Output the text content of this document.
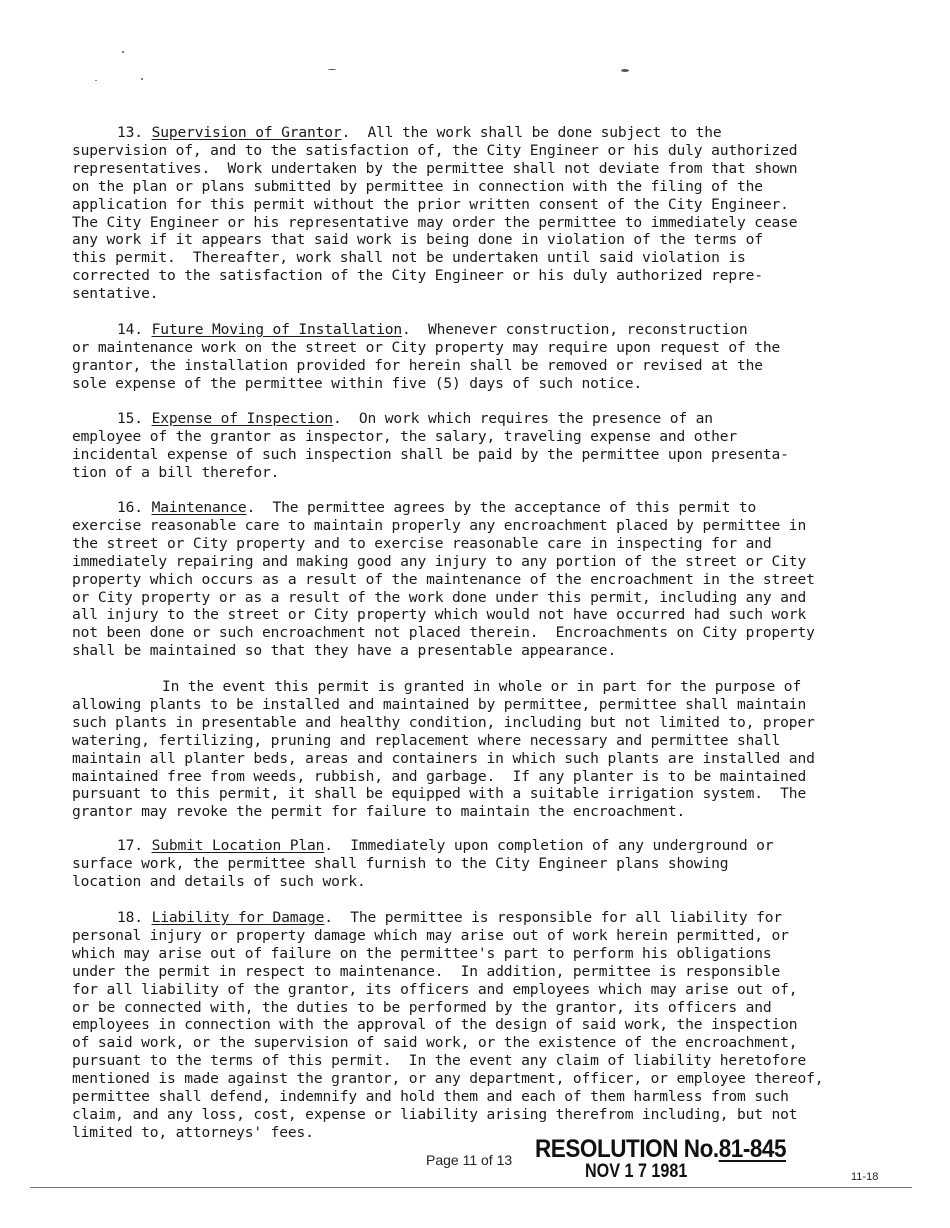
13. Supervision of Grantor.  All the work shall be done subject to the
supervision of, and to the satisfaction of, the City Engineer or his duly authorized
representatives.  Work undertaken by the permittee shall not deviate from that shown
on the plan or plans submitted by permittee in connection with the filing of the
application for this permit without the prior written consent of the City Engineer.
The City Engineer or his representative may order the permittee to immediately cease
any work if it appears that said work is being done in violation of the terms of
this permit.  Thereafter, work shall not be undertaken until said violation is
corrected to the satisfaction of the City Engineer or his duly authorized repre-
sentative.
14. Future Moving of Installation.  Whenever construction, reconstruction
or maintenance work on the street or City property may require upon request of the
grantor, the installation provided for herein shall be removed or revised at the
sole expense of the permittee within five (5) days of such notice.
15. Expense of Inspection.  On work which requires the presence of an
employee of the grantor as inspector, the salary, traveling expense and other
incidental expense of such inspection shall be paid by the permittee upon presenta-
tion of a bill therefor.
16. Maintenance.  The permittee agrees by the acceptance of this permit to
exercise reasonable care to maintain properly any encroachment placed by permittee in
the street or City property and to exercise reasonable care in inspecting for and
immediately repairing and making good any injury to any portion of the street or City
property which occurs as a result of the maintenance of the encroachment in the street
or City property or as a result of the work done under this permit, including any and
all injury to the street or City property which would not have occurred had such work
not been done or such encroachment not placed therein.  Encroachments on City property
shall be maintained so that they have a presentable appearance.
In the event this permit is granted in whole or in part for the purpose of
allowing plants to be installed and maintained by permittee, permittee shall maintain
such plants in presentable and healthy condition, including but not limited to, proper
watering, fertilizing, pruning and replacement where necessary and permittee shall
maintain all planter beds, areas and containers in which such plants are installed and
maintained free from weeds, rubbish, and garbage.  If any planter is to be maintained
pursuant to this permit, it shall be equipped with a suitable irrigation system.  The
grantor may revoke the permit for failure to maintain the encroachment.
17. Submit Location Plan.  Immediately upon completion of any underground or
surface work, the permittee shall furnish to the City Engineer plans showing
location and details of such work.
18. Liability for Damage.  The permittee is responsible for all liability for
personal injury or property damage which may arise out of work herein permitted, or
which may arise out of failure on the permittee's part to perform his obligations
under the permit in respect to maintenance.  In addition, permittee is responsible
for all liability of the grantor, its officers and employees which may arise out of,
or be connected with, the duties to be performed by the grantor, its officers and
employees in connection with the approval of the design of said work, the inspection
of said work, or the supervision of said work, or the existence of the encroachment,
pursuant to the terms of this permit.  In the event any claim of liability heretofore
mentioned is made against the grantor, or any department, officer, or employee thereof,
permittee shall defend, indemnify and hold them and each of them harmless from such
claim, and any loss, cost, expense or liability arising therefrom including, but not
limited to, attorneys' fees.
Page 11 of 13 RESOLUTION No.81-845
NOV 1 7 1981	11-18
